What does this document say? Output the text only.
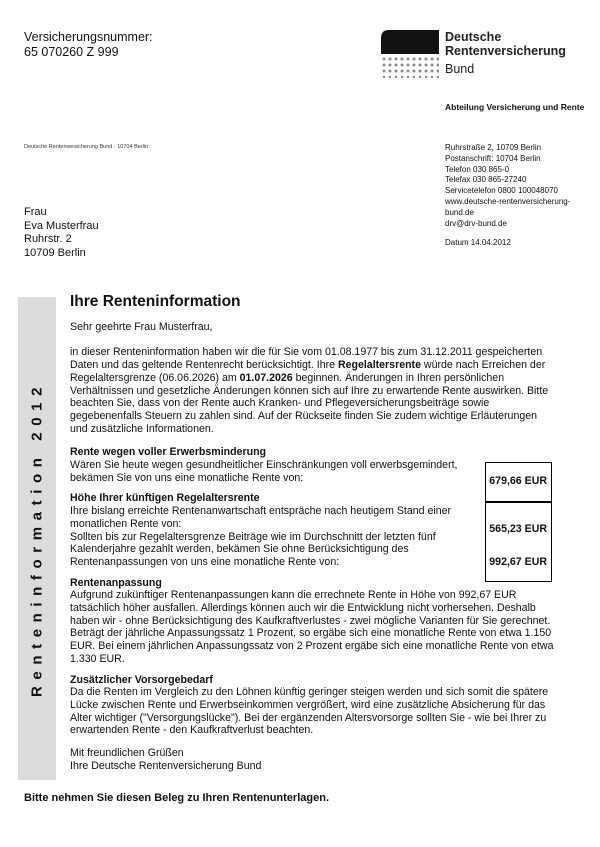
Versicherungsnummer:
65 070260 Z 999
Deutsche
Rentenversicherung
Bund
Abteilung Versicherung und Rente
Deutsche Rentenversicherung Bund · 10704 Berlin	Ruhrstraße 2, 10709 Berlin
Postanschrift: 10704 Berlin
Telefon 030 865-0
Telefax 030 865-27240
Servicetelefon 0800 100048070
www.deutsche-rentenversicherung-
bund.de
drv@drv-bund.de
Datum 14.04.2012
Frau
Eva Musterfrau
Ruhrstr. 2
10709 Berlin
Renteninformation 2012
Ihre Renteninformation

Sehr geehrte Frau Musterfrau,

in dieser Renteninformation haben wir die für Sie vom 01.08.1977 bis zum 31.12.2011 gespeicherten Daten und das geltende Rentenrecht berücksichtigt. Ihre Regelaltersrente würde nach Erreichen der Regelaltersgrenze (06.06.2026) am 01.07.2026 beginnen. Änderungen in Ihren persönlichen Verhältnissen und gesetzliche Änderungen können sich auf Ihre zu erwartende Rente auswirken. Bitte beachten Sie, dass von der Rente auch Kranken- und Pflegeversicherungsbeiträge sowie gegebenenfalls Steuern zu zahlen sind. Auf der Rückseite finden Sie zudem wichtige Erläuterungen und zusätzliche Informationen.

Rente wegen voller Erwerbsminderung

Wären Sie heute wegen gesundheitlicher Einschränkungen voll erwerbsgemindert, bekämen Sie von uns eine monatliche Rente von:

Höhe Ihrer künftigen Regelaltersrente

Ihre bislang erreichte Rentenanwartschaft entspräche nach heutigem Stand einer monatlichen Rente von:

Sollten bis zur Regelaltersgrenze Beiträge wie im Durchschnitt der letzten fünf Kalenderjahre gezahlt werden, bekämen Sie ohne Berücksichtigung des Rentenanpassungen von uns eine monatliche Rente von:

Rentenanpassung

Aufgrund zukünftiger Rentenanpassungen kann die errechnete Rente in Höhe von 992,67 EUR tatsächlich höher ausfallen. Allerdings können auch wir die Entwicklung nicht vorhersehen. Deshalb haben wir - ohne Berücksichtigung des Kaufkraftverlustes - zwei mögliche Varianten für Sie gerechnet. Beträgt der jährliche Anpassungssatz 1 Prozent, so ergäbe sich eine monatliche Rente von etwa 1.150 EUR. Bei einem jährlichen Anpassungssatz von 2 Prozent ergäbe sich eine monatliche Rente von etwa 1.330 EUR.

Zusätzlicher Vorsorgebedarf

Da die Renten im Vergleich zu den Löhnen künftig geringer steigen werden und sich somit die spätere Lücke zwischen Rente und Erwerbseinkommen vergrößert, wird eine zusätzliche Absicherung für das Alter wichtiger ("Versorgungslücke"). Bei der ergänzenden Altersvorsorge sollten Sie - wie bei Ihrer zu erwartenden Rente - den Kaufkraftverlust beachten.

Mit freundlichen Grüßen

Ihre Deutsche Rentenversicherung Bund

679,66 EUR
565,23 EUR
992,67 EUR
Bitte nehmen Sie diesen Beleg zu Ihren Rentenunterlagen.
